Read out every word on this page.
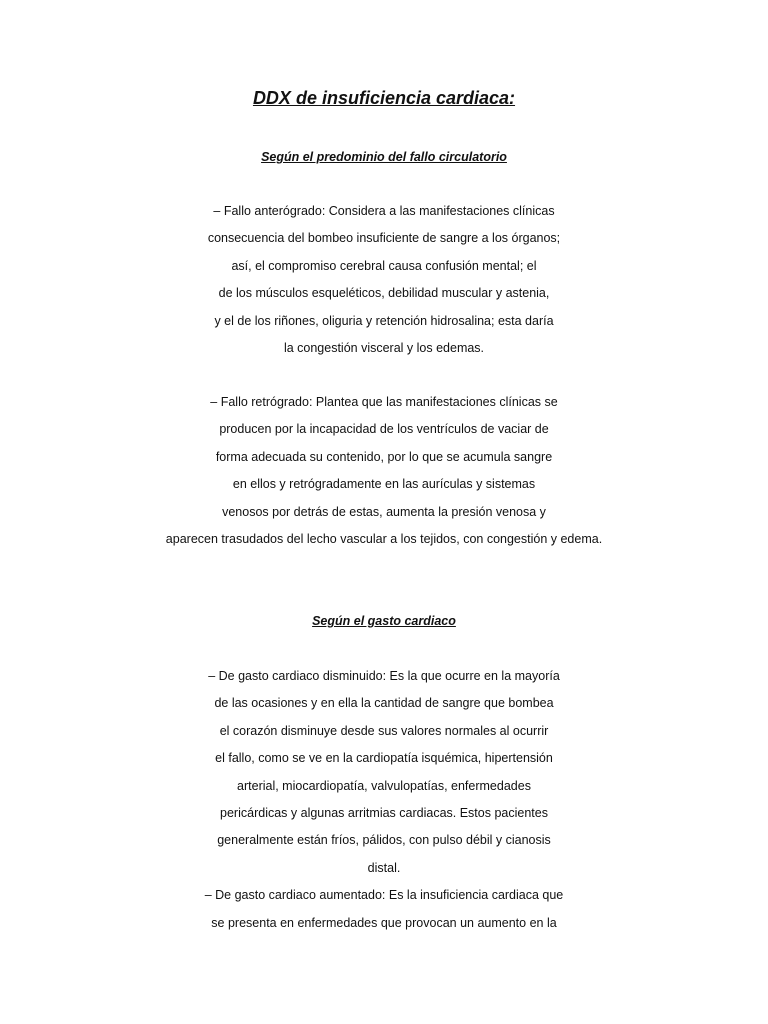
DDX de insuficiencia cardiaca:
Según el predominio del fallo circulatorio
– Fallo anterógrado: Considera a las manifestaciones clínicas
consecuencia del bombeo insuficiente de sangre a los órganos;
así, el compromiso cerebral causa confusión mental; el
de los músculos esqueléticos, debilidad muscular y astenia,
y el de los riñones, oliguria y retención hidrosalina; esta daría
la congestión visceral y los edemas.
– Fallo retrógrado: Plantea que las manifestaciones clínicas se
producen por la incapacidad de los ventrículos de vaciar de
forma adecuada su contenido, por lo que se acumula sangre
en ellos y retrógradamente en las aurículas y sistemas
venosos por detrás de estas, aumenta la presión venosa y
aparecen trasudados del lecho vascular a los tejidos, con congestión y edema.
Según el gasto cardiaco
– De gasto cardiaco disminuido: Es la que ocurre en la mayoría
de las ocasiones y en ella la cantidad de sangre que bombea
el corazón disminuye desde sus valores normales al ocurrir
el fallo, como se ve en la cardiopatía isquémica, hipertensión
arterial, miocardiopatía, valvulopatías, enfermedades
pericárdicas y algunas arritmias cardiacas. Estos pacientes
generalmente están fríos, pálidos, con pulso débil y cianosis
distal.
– De gasto cardiaco aumentado: Es la insuficiencia cardiaca que
se presenta en enfermedades que provocan un aumento en la
